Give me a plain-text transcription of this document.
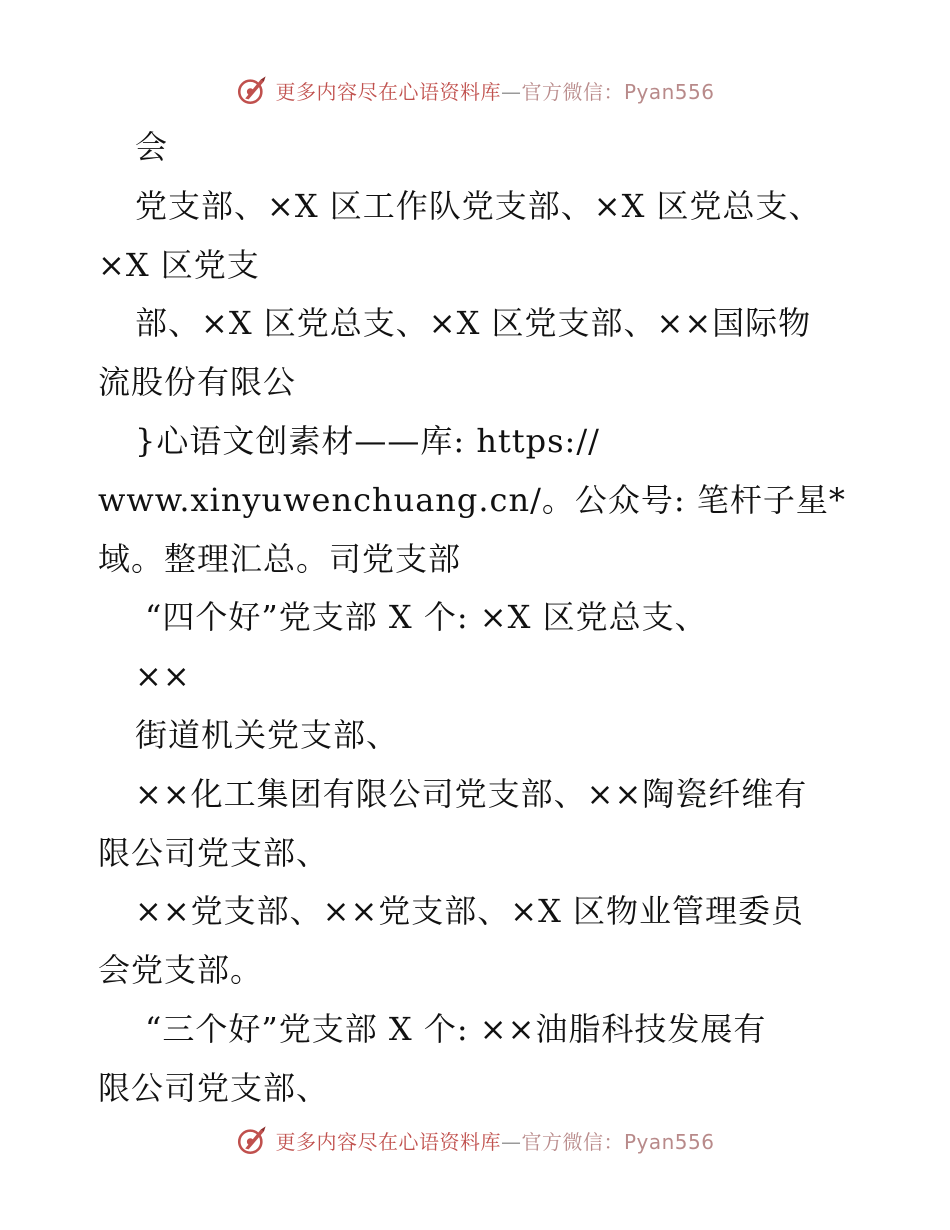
更多内容尽在心语资料库—官方微信：Pyan556
会
党支部、×X 区工作队党支部、×X 区党总支、
×X 区党支
部、×X 区党总支、×X 区党支部、××国际物
流股份有限公
}心语文创素材——库: https://
www.xinyuwenchuang.cn/。公众号: 笔杆子星*
域。整理汇总。司党支部
“四个好”党支部 X 个: ×X 区党总支、
××
街道机关党支部、
××化工集团有限公司党支部、××陶瓷纤维有
限公司党支部、
××党支部、××党支部、×X 区物业管理委员
会党支部。
“三个好”党支部 X 个: ××油脂科技发展有
限公司党支部、
更多内容尽在心语资料库—官方微信：Pyan556
